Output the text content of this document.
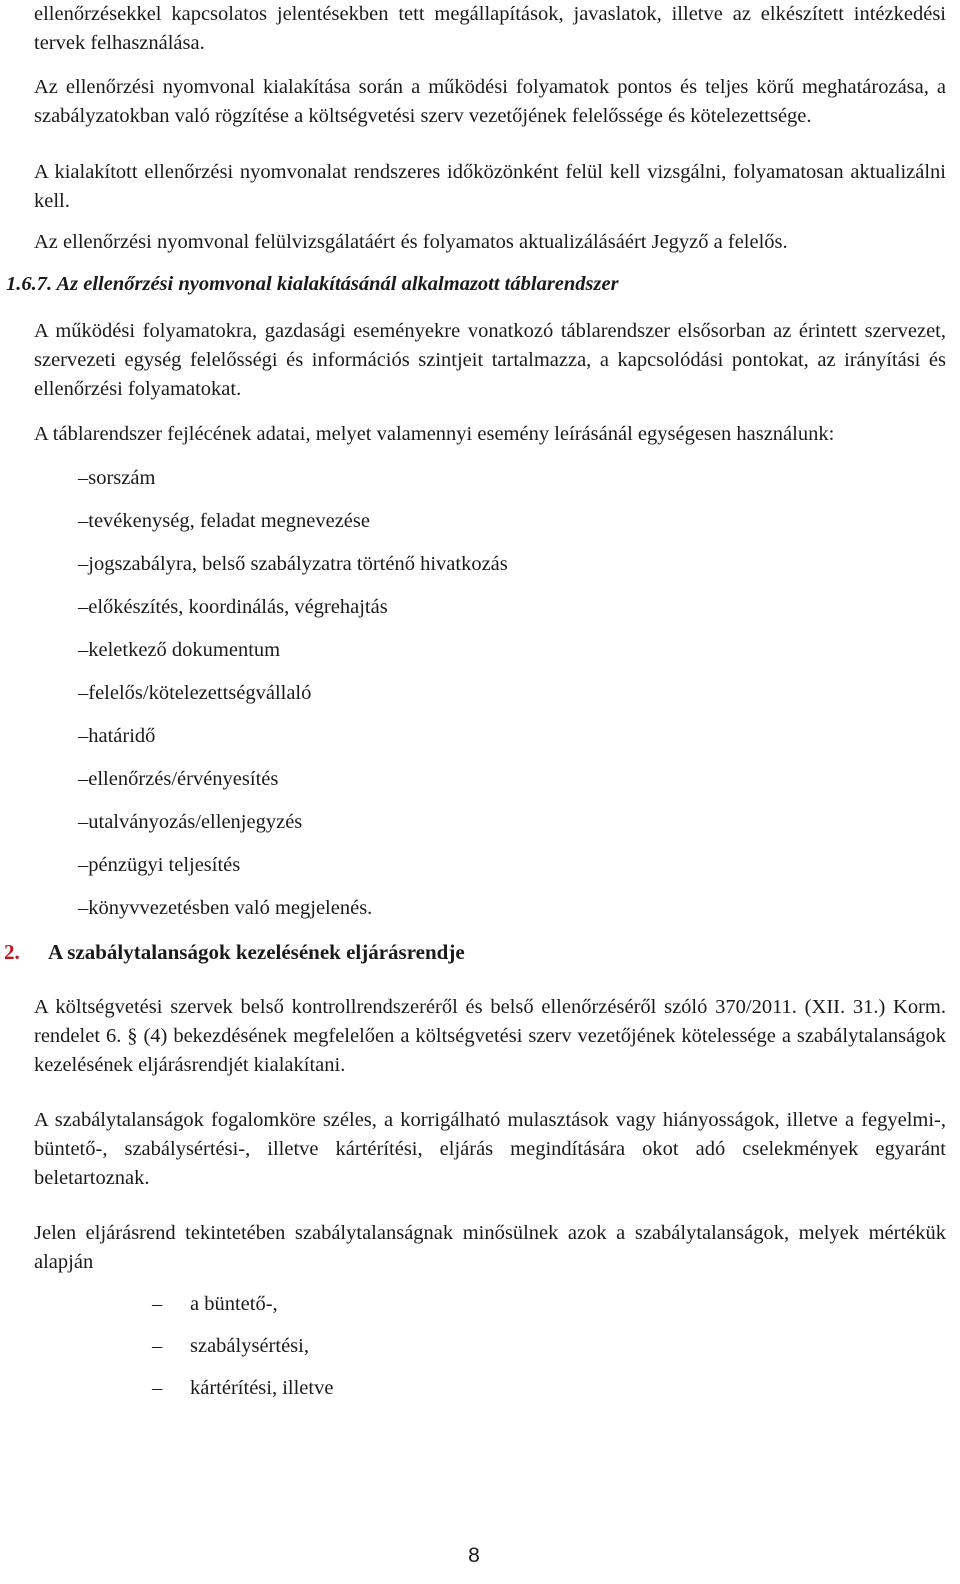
ellenőrzésekkel kapcsolatos jelentésekben tett megállapítások, javaslatok, illetve az elkészített intézkedési tervek felhasználása.

Az ellenőrzési nyomvonal kialakítása során a működési folyamatok pontos és teljes körű meghatározása, a szabályzatokban való rögzítése a költségvetési szerv vezetőjének felelőssége és kötelezettsége.

A kialakított ellenőrzési nyomvonalat rendszeres időközönként felül kell vizsgálni, folyamatosan aktualizálni kell.

Az ellenőrzési nyomvonal felülvizsgálatáért és folyamatos aktualizálásáért Jegyző a felelős.

1.6.7. Az ellenőrzési nyomvonal kialakításánál alkalmazott táblarendszer

A működési folyamatokra, gazdasági eseményekre vonatkozó táblarendszer elsősorban az érintett szervezet, szervezeti egység felelősségi és információs szintjeit tartalmazza, a kapcsolódási pontokat, az irányítási és ellenőrzési folyamatokat.

A táblarendszer fejlécének adatai, melyet valamennyi esemény leírásánál egységesen használunk:

–sorszám
–tevékenység, feladat megnevezése
–jogszabályra, belső szabályzatra történő hivatkozás
–előkészítés, koordinálás, végrehajtás
–keletkező dokumentum
–felelős/kötelezettségvállaló
–határidő
–ellenőrzés/érvényesítés
–utalványozás/ellenjegyzés
–pénzügyi teljesítés
–könyvvezetésben való megjelenés.
2. A szabálytalanságok kezelésének eljárásrendje

A költségvetési szervek belső kontrollrendszeréről és belső ellenőrzéséről szóló 370/2011. (XII. 31.) Korm. rendelet 6. § (4) bekezdésének megfelelően a költségvetési szerv vezetőjének kötelessége a szabálytalanságok kezelésének eljárásrendjét kialakítani.

A szabálytalanságok fogalomköre széles, a korrigálható mulasztások vagy hiányosságok, illetve a fegyelmi-, büntető-, szabálysértési-, illetve kártérítési, eljárás megindítására okot adó cselekmények egyaránt beletartoznak.

Jelen eljárásrend tekintetében szabálytalanságnak minősülnek azok a szabálytalanságok, melyek mértékük alapján

– a büntető-,
– szabálysértési,
– kártérítési, illetve
8
